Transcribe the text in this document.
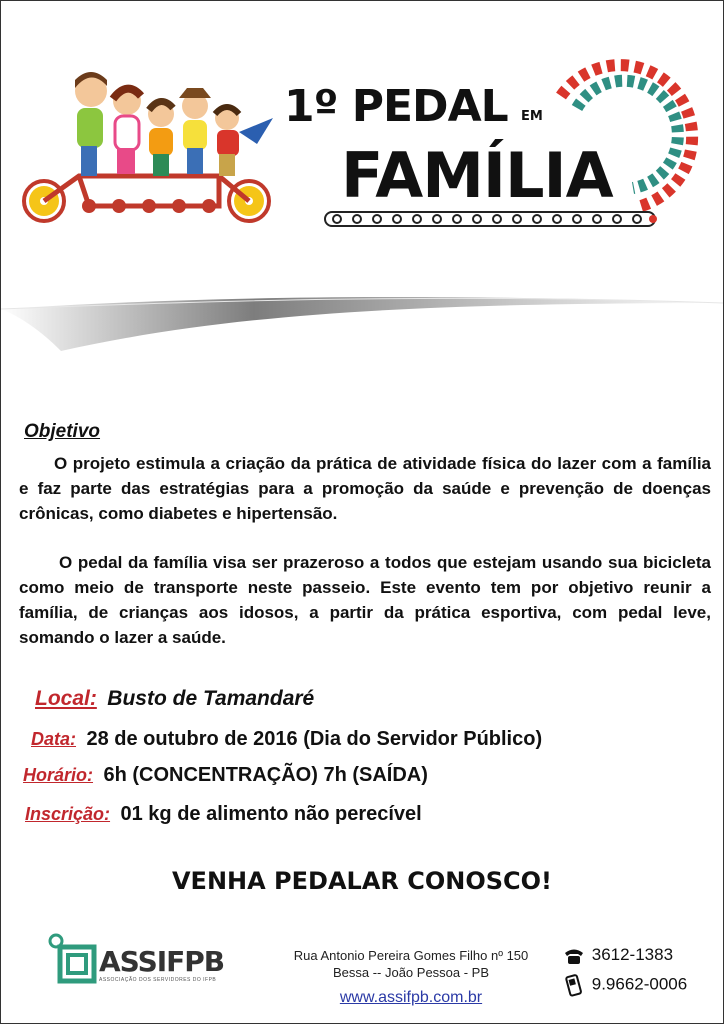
1º PEDAL EM
FAMÍLIA
Objetivo

O projeto estimula a criação da prática de atividade física do lazer com a família e faz parte das estratégias para a promoção da saúde e prevenção de doenças crônicas, como diabetes e hipertensão.

O pedal da família visa ser prazeroso a todos que estejam usando sua bicicleta como meio de transporte neste passeio. Este evento tem por objetivo reunir a família, de crianças aos idosos, a partir da prática esportiva, com pedal leve, somando o lazer a saúde.

Local: Busto de Tamandaré
Data: 28 de outubro de 2016 (Dia do Servidor Público)
Horário: 6h (CONCENTRAÇÃO) 7h (SAÍDA)
Inscrição: 01 kg de alimento não perecível
VENHA PEDALAR CONOSCO!
ASSIFPB
ASSOCIAÇÃO DOS SERVIDORES DO IFPB
Rua Antonio Pereira Gomes Filho nº 150
Bessa -- João Pessoa - PB
www.assifpb.com.br
3612-1383
9.9662-0006
